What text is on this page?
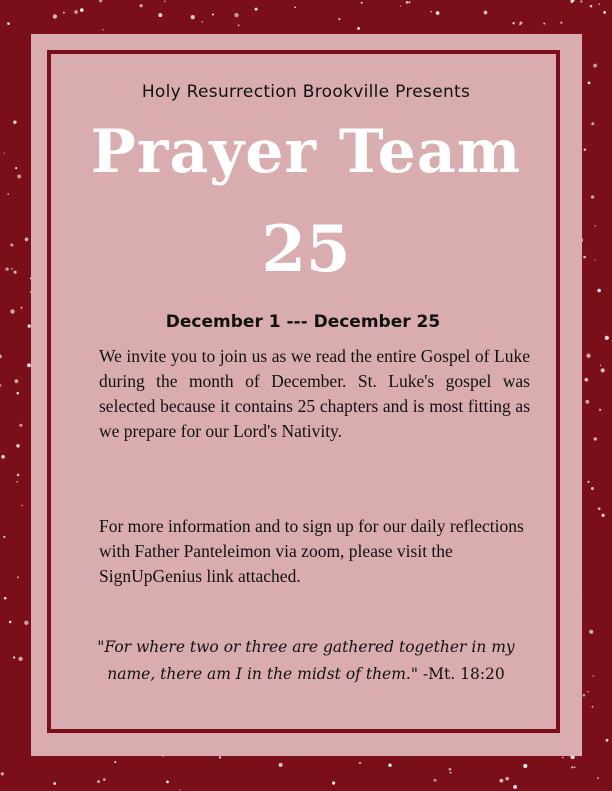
Holy Resurrection Brookville Presents
Prayer Team
25
December 1 --- December 25

We invite you to join us as we read the entire Gospel of Luke during the month of December. St. Luke's gospel was selected because it contains 25 chapters and is most fitting as we prepare for our Lord's Nativity.

For more information and to sign up for our daily reflections with Father Panteleimon via zoom, please visit the SignUpGenius link attached.

"For where two or three are gathered together in my name, there am I in the midst of them." -Mt. 18:20
